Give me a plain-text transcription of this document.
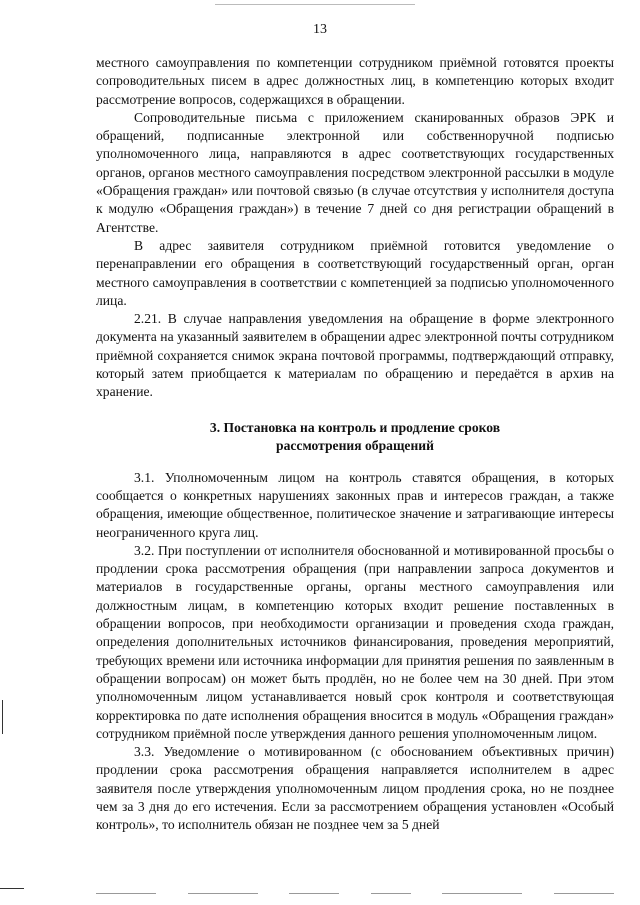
13

местного самоуправления по компетенции сотрудником приёмной готовятся проекты сопроводительных писем в адрес должностных лиц, в компетенцию которых входит рассмотрение вопросов, содержащихся в обращении.

Сопроводительные письма с приложением сканированных образов ЭРК и обращений, подписанные электронной или собственноручной подписью уполномоченного лица, направляются в адрес соответствующих государственных органов, органов местного самоуправления посредством электронной рассылки в модуле «Обращения граждан» или почтовой связью (в случае отсутствия у исполнителя доступа к модулю «Обращения граждан») в течение 7 дней со дня регистрации обращений в Агентстве.

В адрес заявителя сотрудником приёмной готовится уведомление о перенаправлении его обращения в соответствующий государственный орган, орган местного самоуправления в соответствии с компетенцией за подписью уполномоченного лица.

2.21. В случае направления уведомления на обращение в форме электронного документа на указанный заявителем в обращении адрес электронной почты сотрудником приёмной сохраняется снимок экрана почтовой программы, подтверждающий отправку, который затем приобщается к материалам по обращению и передаётся в архив на хранение.

3. Постановка на контроль и продление сроков
рассмотрения обращений

3.1. Уполномоченным лицом на контроль ставятся обращения, в которых сообщается о конкретных нарушениях законных прав и интересов граждан, а также обращения, имеющие общественное, политическое значение и затрагивающие интересы неограниченного круга лиц.

3.2. При поступлении от исполнителя обоснованной и мотивированной просьбы о продлении срока рассмотрения обращения (при направлении запроса документов и материалов в государственные органы, органы местного самоуправления или должностным лицам, в компетенцию которых входит решение поставленных в обращении вопросов, при необходимости организации и проведения схода граждан, определения дополнительных источников финансирования, проведения мероприятий, требующих времени или источника информации для принятия решения по заявленным в обращении вопросам) он может быть продлён, но не более чем на 30 дней. При этом уполномоченным лицом устанавливается новый срок контроля и соответствующая корректировка по дате исполнения обращения вносится в модуль «Обращения граждан» сотрудником приёмной после утверждения данного решения уполномоченным лицом.

3.3. Уведомление о мотивированном (с обоснованием объективных причин) продлении срока рассмотрения обращения направляется исполнителем в адрес заявителя после утверждения уполномоченным лицом продления срока, но не позднее чем за 3 дня до его истечения. Если за рассмотрением обращения установлен «Особый контроль», то исполнитель обязан не позднее чем за 5 дней
